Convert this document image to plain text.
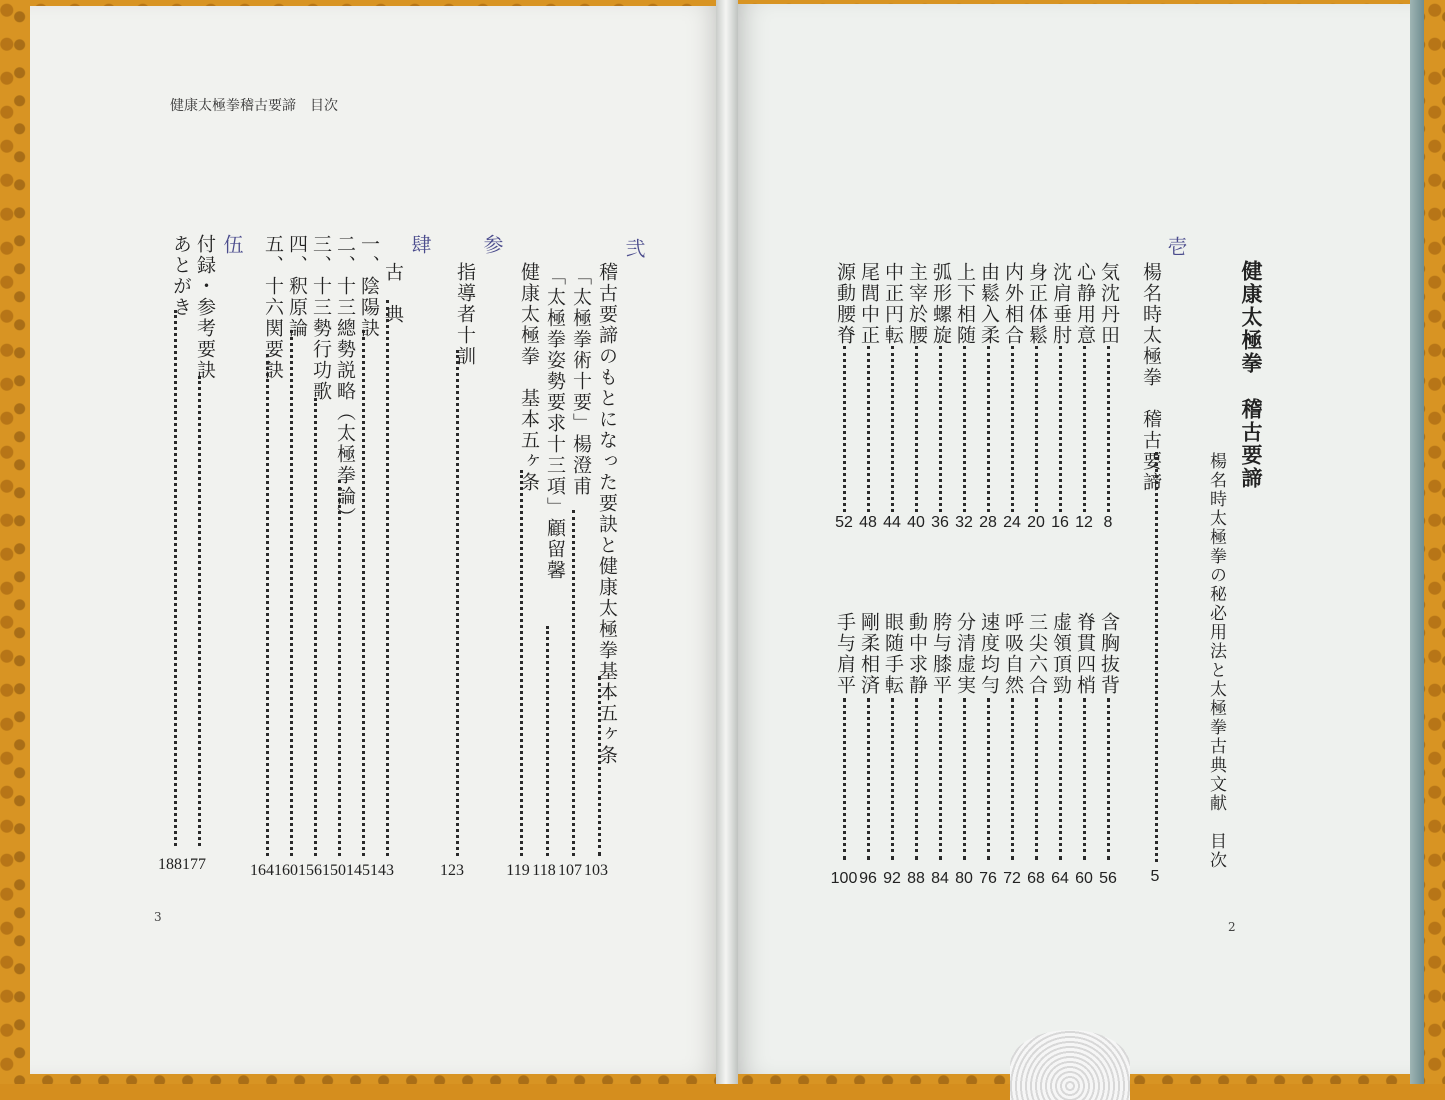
健康太極拳稽古要諦　目次
弐
稽古要諦のもとになった要訣と健康太極拳基本五ヶ条
103
「太極拳術十要」楊澄甫
107
「太極拳姿勢要求十三項」顧留馨
118
健康太極拳　基本五ヶ条
119
参
指導者十訓
123
肆
古　典
143
一、陰陽訣
145
二、十三總勢説略（太極拳論）
150
三、十三勢行功歌
156
四、釈原論
160
五、十六関要訣
164
伍
付録・参考要訣
177
あとがき
188
3
健康太極拳　稽古要諦
楊名時太極拳の秘必用法と太極拳古典文献　目次
壱
楊名時太極拳　稽古要諦
5
気沈丹田
8
心静用意
12
沈肩垂肘
16
身正体鬆
20
内外相合
24
由鬆入柔
28
上下相随
32
弧形螺旋
36
主宰於腰
40
中正円転
44
尾閭中正
48
源動腰脊
52
含胸抜背
56
脊貫四梢
60
虚領頂勁
64
三尖六合
68
呼吸自然
72
速度均勻
76
分清虚実
80
胯与膝平
84
動中求静
88
眼随手転
92
剛柔相済
96
手与肩平
100
2
